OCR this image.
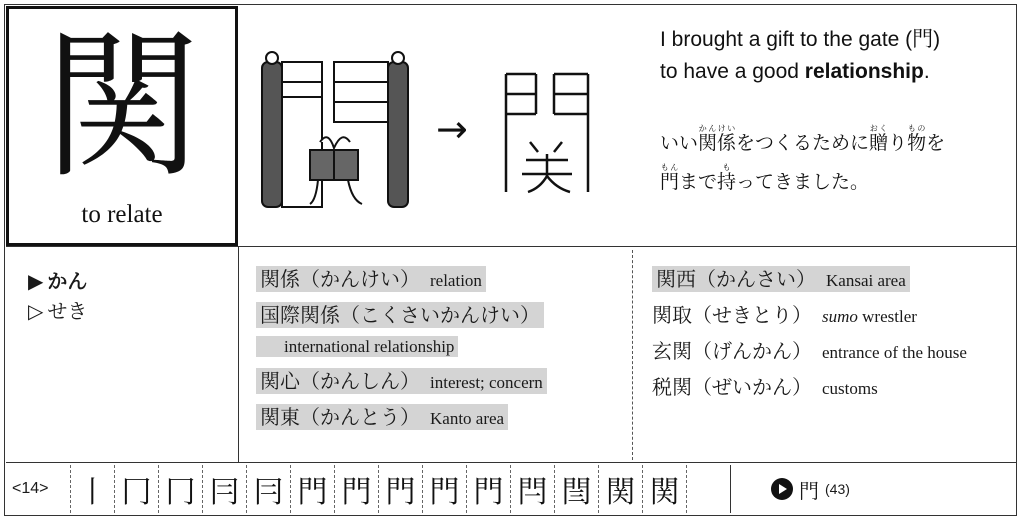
関
to relate
→
I brought a gift to the gate (門)
to have a good relationship.
いい関係かんけいをつくるために贈おくり物ものを
門もんまで持もってきました。
▶ かん
▷ せき
関係（かんけい） relation
国際関係（こくさいかんけい）
international relationship
関心（かんしん） interest; concern
関東（かんとう） Kanto area
関西（かんさい） Kansai area
関取（せきとり） sumo wrestler
玄関（げんかん） entrance of the house
税関（ぜいかん） customs
<14> 丨 冂 冂 冃 冃 門 門 門 門 門 閂 閆 関 関	門 (43)
